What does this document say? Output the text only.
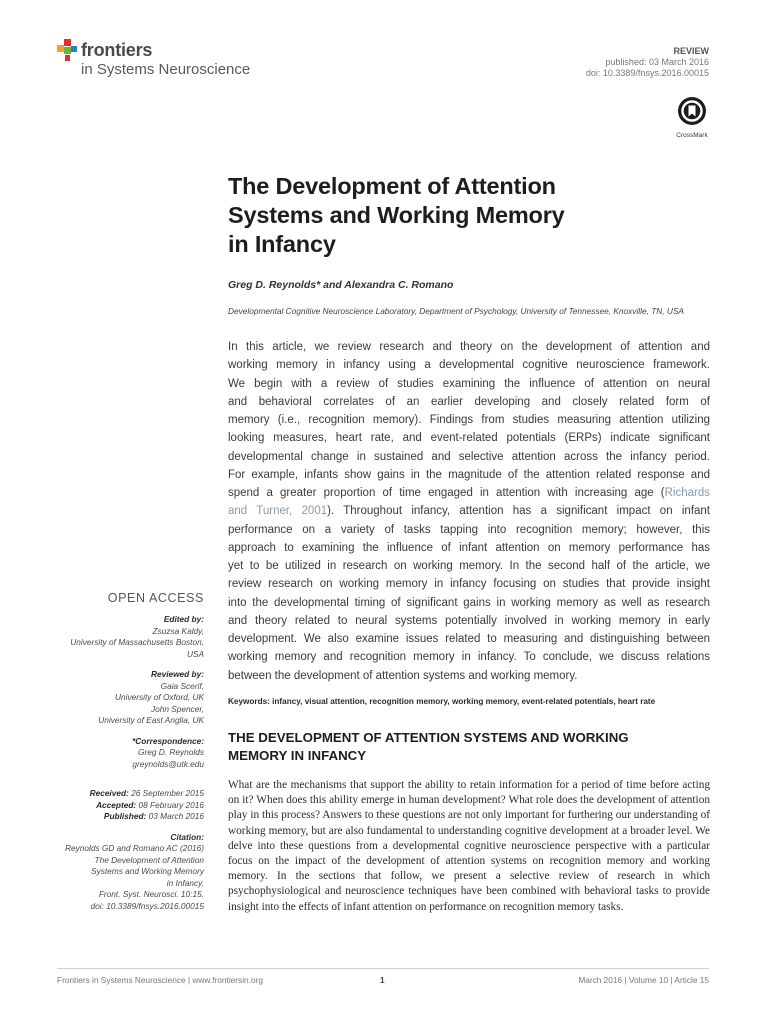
frontiers
in Systems Neuroscience
REVIEW
published: 03 March 2016
doi: 10.3389/fnsys.2016.00015
CrossMark
The Development of Attention
Systems and Working Memory
in Infancy
Greg D. Reynolds* and Alexandra C. Romano
Developmental Cognitive Neuroscience Laboratory, Department of Psychology, University of Tennessee, Knoxville, TN, USA
In this article, we review research and theory on the development of attention and
working memory in infancy using a developmental cognitive neuroscience framework.
We begin with a review of studies examining the influence of attention on neural
and behavioral correlates of an earlier developing and closely related form of
memory (i.e., recognition memory). Findings from studies measuring attention utilizing
looking measures, heart rate, and event-related potentials (ERPs) indicate significant
developmental change in sustained and selective attention across the infancy period.
For example, infants show gains in the magnitude of the attention related response and
spend a greater proportion of time engaged in attention with increasing age (Richards
and Turner, 2001). Throughout infancy, attention has a significant impact on infant
performance on a variety of tasks tapping into recognition memory; however, this
approach to examining the influence of infant attention on memory performance has
yet to be utilized in research on working memory. In the second half of the article, we
review research on working memory in infancy focusing on studies that provide insight
into the developmental timing of significant gains in working memory as well as research
and theory related to neural systems potentially involved in working memory in early
development. We also examine issues related to measuring and distinguishing between
working memory and recognition memory in infancy. To conclude, we discuss relations
between the development of attention systems and working memory.
Keywords: infancy, visual attention, recognition memory, working memory, event-related potentials, heart rate
THE DEVELOPMENT OF ATTENTION SYSTEMS AND WORKING
MEMORY IN INFANCY
What are the mechanisms that support the ability to retain information for a period of time before acting on it? When does this ability emerge in human development? What role does the development of attention play in this process? Answers to these questions are not only important for furthering our understanding of working memory, but are also fundamental to understanding cognitive development at a broader level. We delve into these questions from a developmental cognitive neuroscience perspective with a particular focus on the impact of the development of attention systems on recognition memory and working memory. In the sections that follow, we present a selective review of research in which psychophysiological and neuroscience techniques have been combined with behavioral tasks to provide insight into the effects of infant attention on performance on recognition memory tasks.
OPEN ACCESS
Edited by:
Zsuzsa Kaldy,
University of Massachusetts Boston,
USA
Reviewed by:
Gaia Scerif,
University of Oxford, UK
John Spencer,
University of East Anglia, UK
*Correspondence:
Greg D. Reynolds
greynolds@utk.edu
Received: 26 September 2015
Accepted: 08 February 2016
Published: 03 March 2016
Citation:
Reynolds GD and Romano AC (2016)
The Development of Attention
Systems and Working Memory
in Infancy.
Front. Syst. Neurosci. 10:15.
doi: 10.3389/fnsys.2016.00015
Frontiers in Systems Neuroscience | www.frontiersin.org	1	March 2016 | Volume 10 | Article 15
